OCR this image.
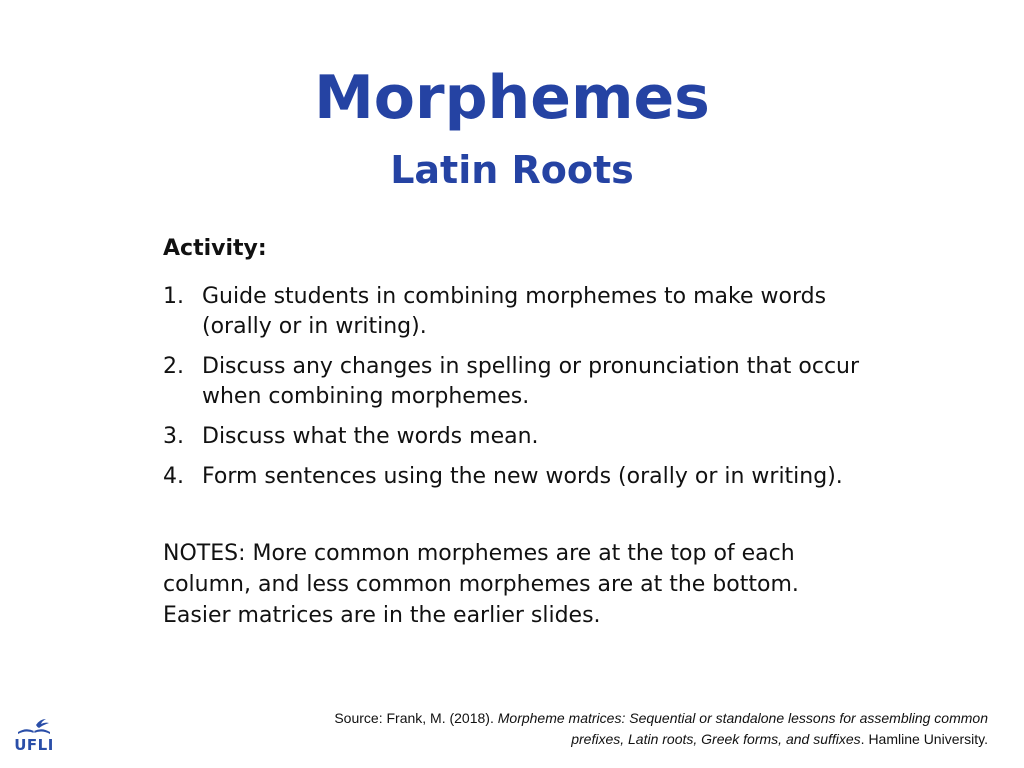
Morphemes
Latin Roots
Activity:
1. Guide students in combining morphemes to make words (orally or in writing).
2. Discuss any changes in spelling or pronunciation that occur when combining morphemes.
3. Discuss what the words mean.
4. Form sentences using the new words (orally or in writing).
NOTES: More common morphemes are at the top of each column, and less common morphemes are at the bottom. Easier matrices are in the earlier slides.
Source: Frank, M. (2018). Morpheme matrices: Sequential or standalone lessons for assembling common prefixes, Latin roots, Greek forms, and suffixes. Hamline University.
UFLI
